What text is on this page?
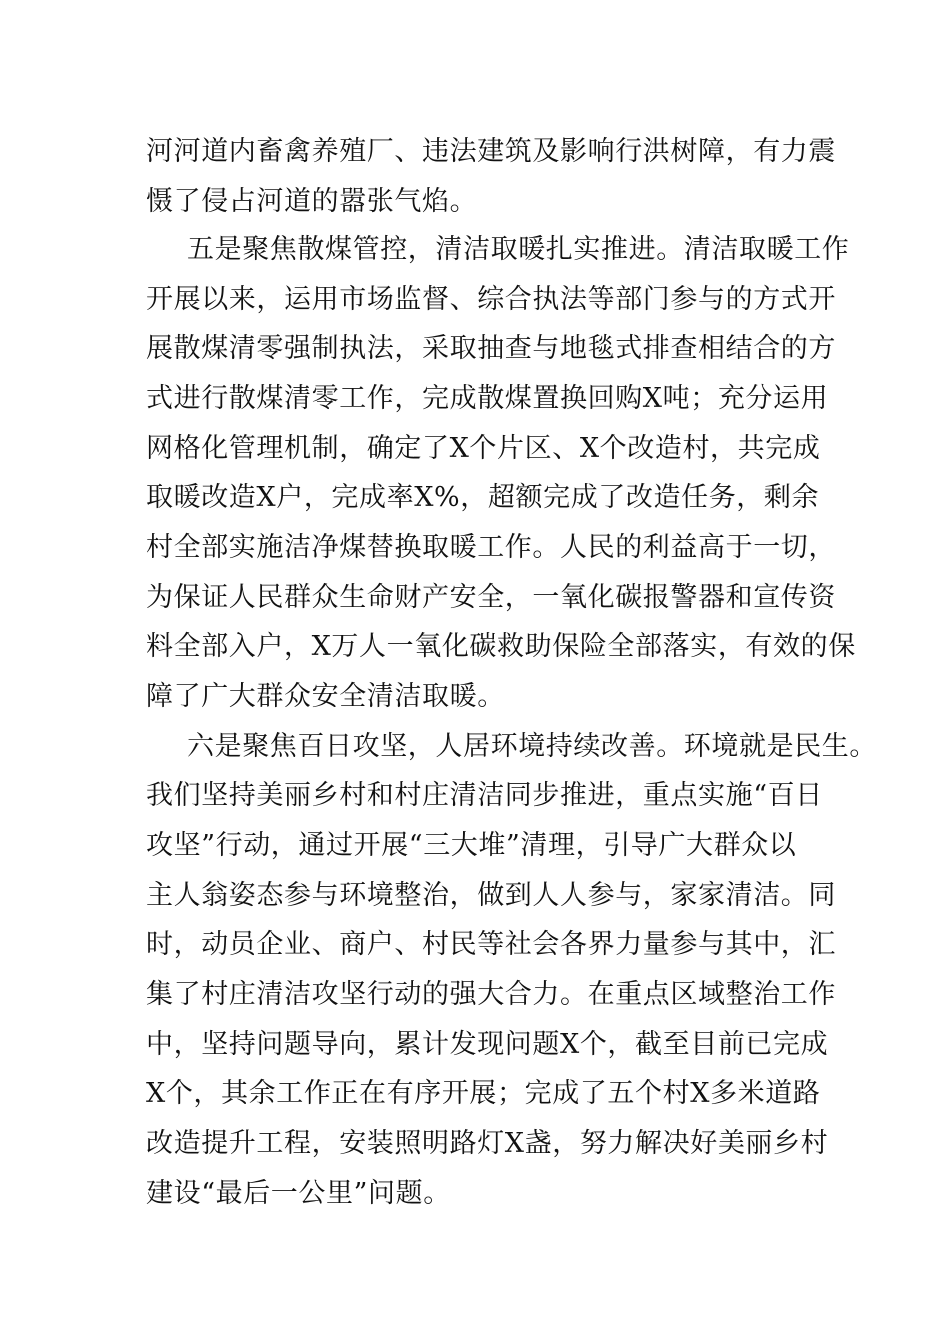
河河道内畜禽养殖厂、违法建筑及影响行洪树障，有力震
慑了侵占河道的嚣张气焰。
五是聚焦散煤管控，清洁取暖扎实推进。清洁取暖工作
开展以来，运用市场监督、综合执法等部门参与的方式开
展散煤清零强制执法，采取抽查与地毯式排查相结合的方
式进行散煤清零工作，完成散煤置换回购X吨；充分运用
网格化管理机制，确定了X个片区、X个改造村，共完成
取暖改造X户，完成率X%，超额完成了改造任务，剩余
村全部实施洁净煤替换取暖工作。人民的利益高于一切，
为保证人民群众生命财产安全，一氧化碳报警器和宣传资
料全部入户，X万人一氧化碳救助保险全部落实，有效的保
障了广大群众安全清洁取暖。
六是聚焦百日攻坚，人居环境持续改善。环境就是民生。
我们坚持美丽乡村和村庄清洁同步推进，重点实施“百日
攻坚”行动，通过开展“三大堆”清理，引导广大群众以
主人翁姿态参与环境整治，做到人人参与，家家清洁。同
时，动员企业、商户、村民等社会各界力量参与其中，汇
集了村庄清洁攻坚行动的强大合力。在重点区域整治工作
中，坚持问题导向，累计发现问题X个，截至目前已完成
X个，其余工作正在有序开展；完成了五个村X多米道路
改造提升工程，安装照明路灯X盏，努力解决好美丽乡村
建设“最后一公里”问题。
